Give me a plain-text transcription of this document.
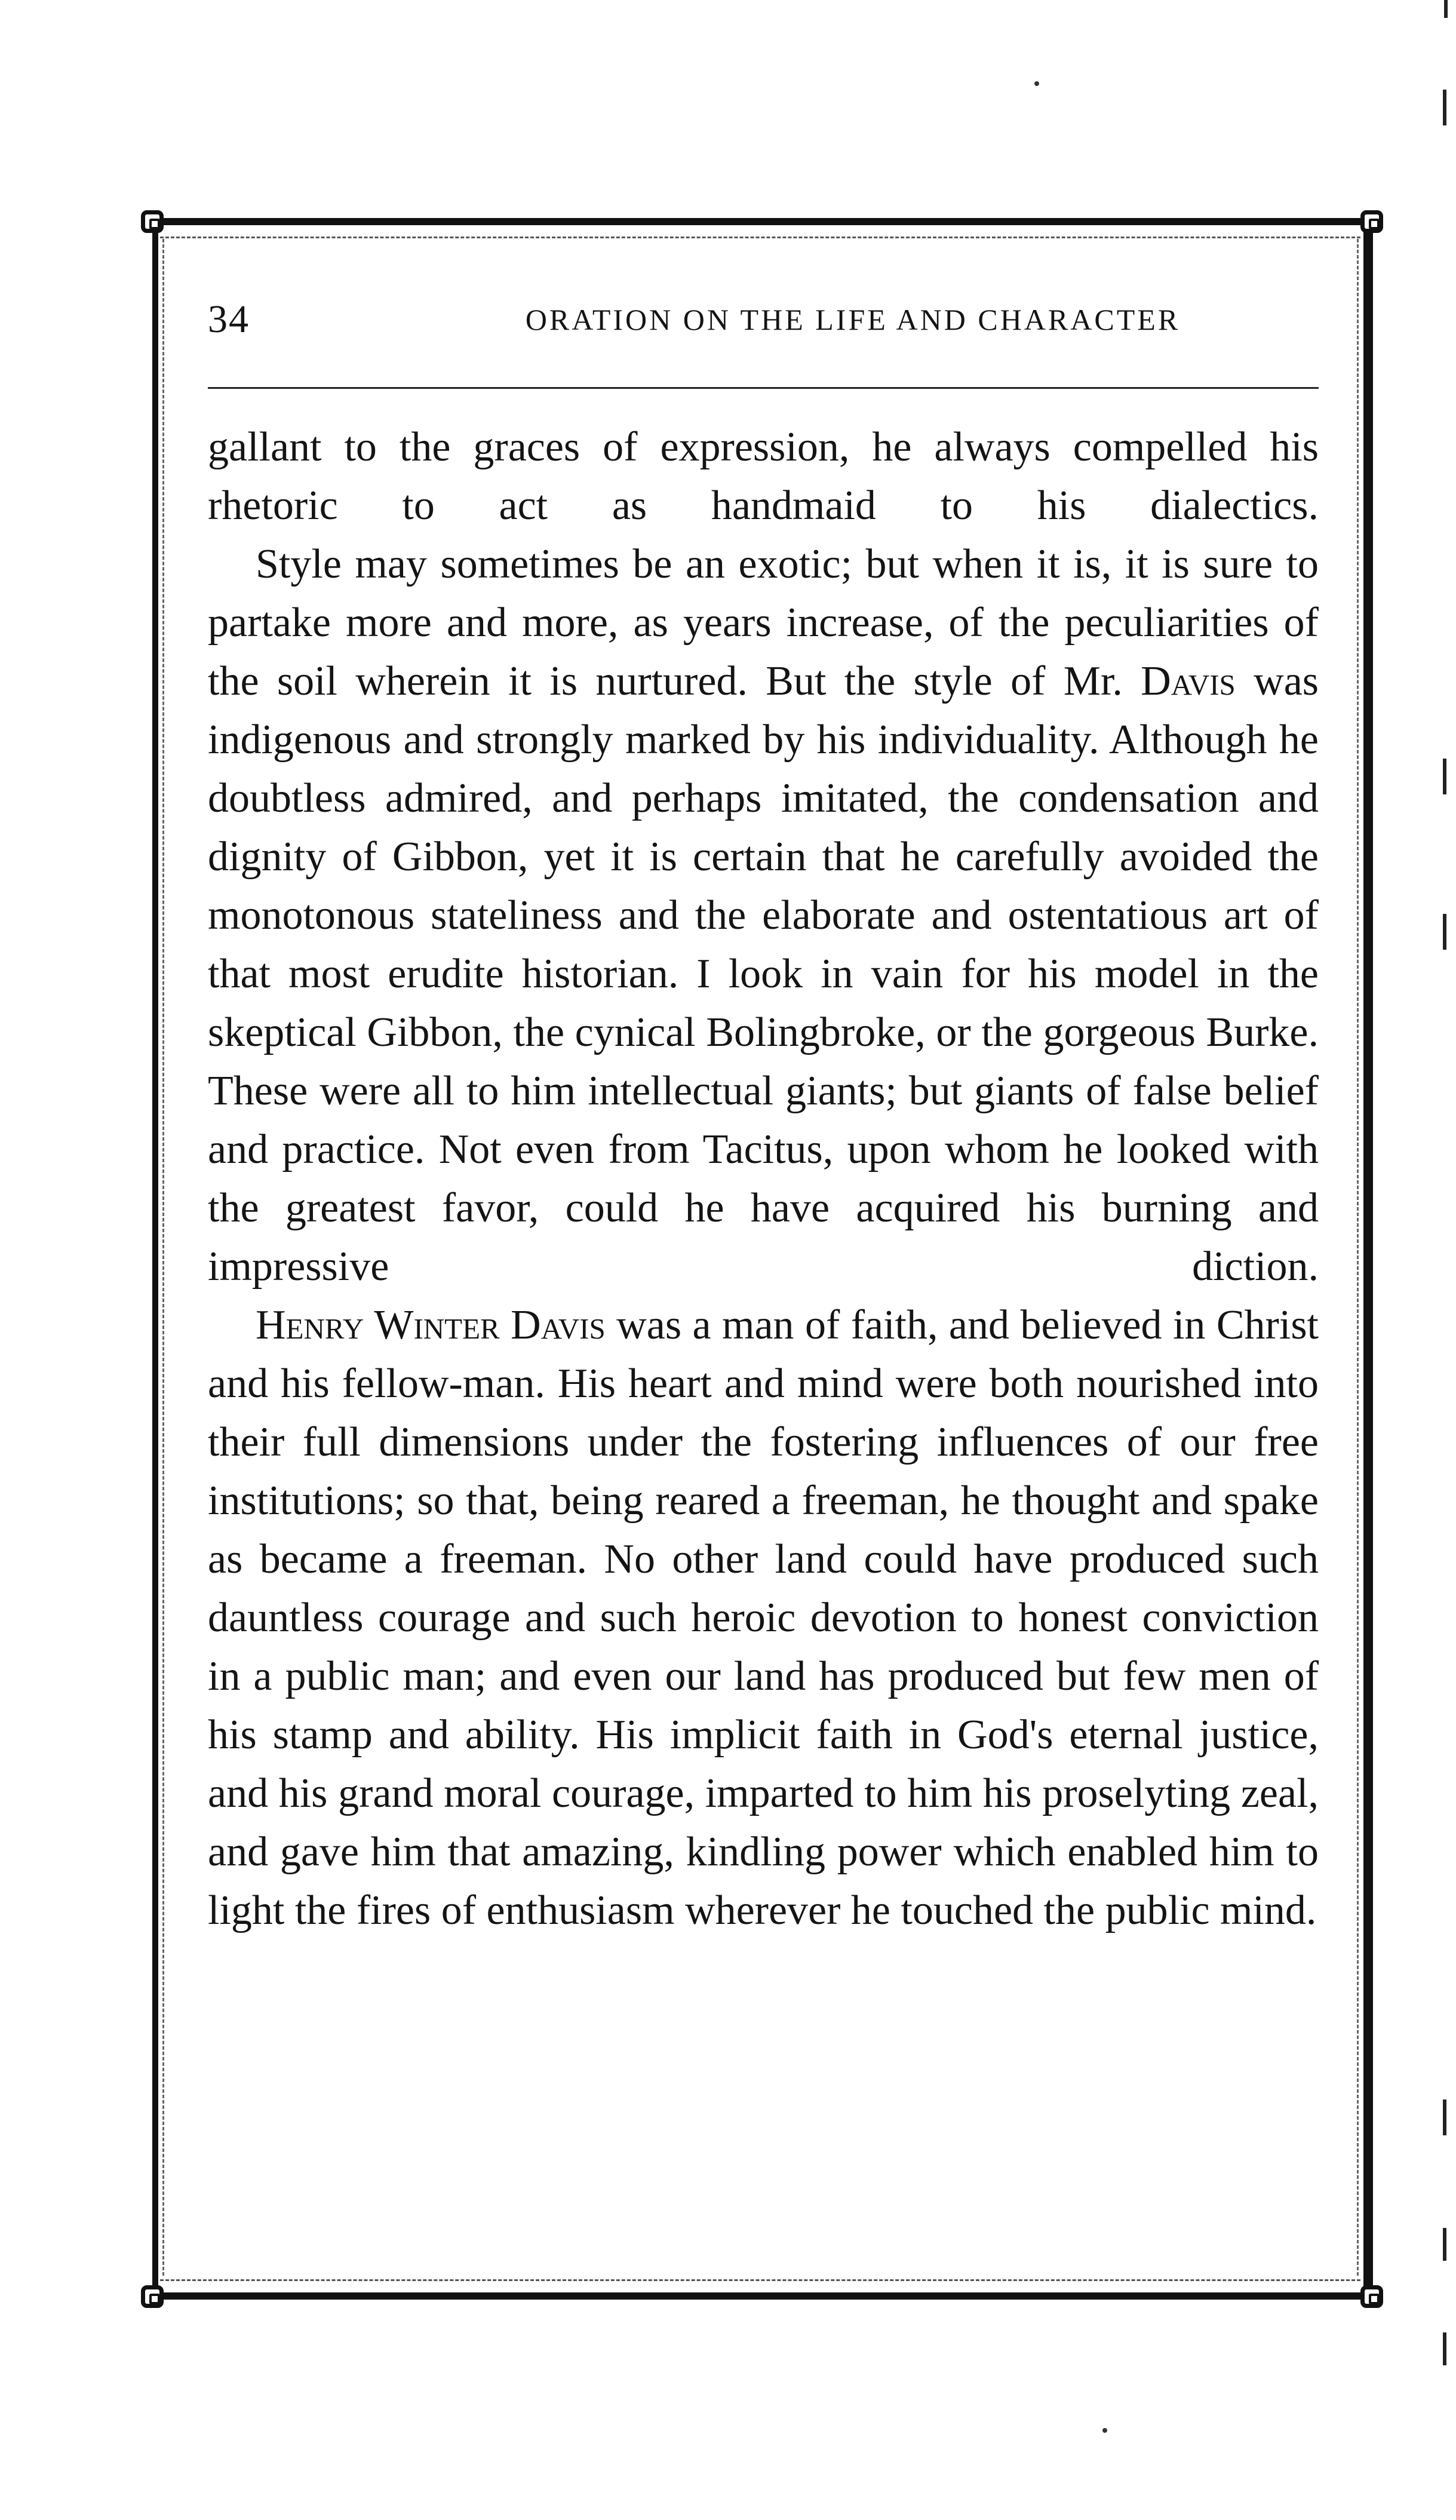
34	ORATION ON THE LIFE AND CHARACTER

gallant to the graces of expression, he always compelled his rhetoric to act as handmaid to his dialectics.

Style may sometimes be an exotic; but when it is, it is sure to partake more and more, as years increase, of the peculiarities of the soil wherein it is nurtured. But the style of Mr. Davis was indigenous and strongly marked by his individuality. Although he doubtless admired, and perhaps imitated, the condensation and dignity of Gibbon, yet it is certain that he carefully avoided the monotonous stateliness and the elaborate and ostentatious art of that most erudite historian. I look in vain for his model in the skeptical Gibbon, the cynical Bolingbroke, or the gorgeous Burke. These were all to him intellectual giants; but giants of false belief and practice. Not even from Tacitus, upon whom he looked with the greatest favor, could he have acquired his burning and impressive diction.

Henry Winter Davis was a man of faith, and believed in Christ and his fellow-man. His heart and mind were both nourished into their full dimensions under the fostering influences of our free institutions; so that, being reared a freeman, he thought and spake as became a freeman. No other land could have produced such dauntless courage and such heroic devotion to honest conviction in a public man; and even our land has produced but few men of his stamp and ability. His implicit faith in God's eternal justice, and his grand moral courage, imparted to him his proselyting zeal, and gave him that amazing, kindling power which enabled him to light the fires of enthusiasm wherever he touched the public mind.
